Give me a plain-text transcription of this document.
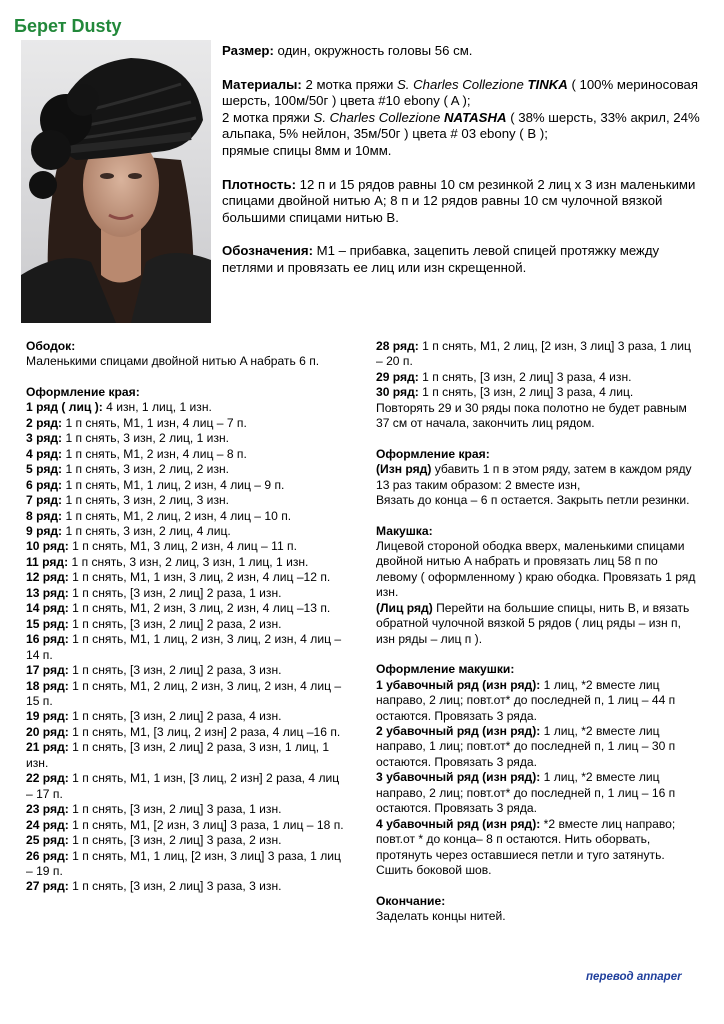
Берет Dusty

Размер: один, окружность головы 56 см.

Материалы: 2 мотка пряжи S. Charles Collezione TINKA ( 100% мериносовая шерсть, 100м/50г ) цвета #10 ebony ( A );
2 мотка пряжи S. Charles Collezione NATASHA ( 38% шерсть, 33% акрил, 24% альпака, 5% нейлон, 35м/50г ) цвета # 03 ebony ( B );
прямые спицы 8мм и 10мм.

Плотность: 12 п и 15 рядов равны 10 см резинкой 2 лиц х 3 изн маленькими спицами двойной нитью A; 8 п и 12 рядов равны 10 см чулочной вязкой большими спицами нитью B.

Обозначения: M1 – прибавка, зацепить левой спицей протяжку между петлями и провязать ее лиц или изн скрещенной.

Ободок:

Маленькими спицами двойной нитью A набрать 6 п.

Оформление края:

1 ряд ( лиц ): 4 изн, 1 лиц, 1 изн.

2 ряд: 1 п снять, M1, 1 изн, 4 лиц – 7 п.

3 ряд: 1 п снять, 3 изн, 2 лиц, 1 изн.

4 ряд: 1 п снять, M1, 2 изн, 4 лиц – 8 п.

5 ряд: 1 п снять, 3 изн, 2 лиц, 2 изн.

6 ряд: 1 п снять, M1, 1 лиц, 2 изн, 4 лиц – 9 п.

7 ряд: 1 п снять, 3 изн, 2 лиц, 3 изн.

8 ряд: 1 п снять, M1, 2 лиц, 2 изн, 4 лиц – 10 п.

9 ряд: 1 п снять, 3 изн, 2 лиц, 4 лиц.

10 ряд: 1 п снять, M1, 3 лиц, 2 изн, 4 лиц – 11 п.

11 ряд: 1 п снять, 3 изн, 2 лиц, 3 изн, 1 лиц, 1 изн.

12 ряд: 1 п снять, M1, 1 изн, 3 лиц, 2 изн, 4 лиц –12 п.

13 ряд: 1 п снять, [3 изн, 2 лиц] 2 раза, 1 изн.

14 ряд: 1 п снять, M1, 2 изн, 3 лиц, 2 изн, 4 лиц –13 п.

15 ряд: 1 п снять, [3 изн, 2 лиц] 2 раза, 2 изн.

16 ряд: 1 п снять, M1, 1 лиц, 2 изн, 3 лиц, 2 изн, 4 лиц – 14 п.

17 ряд: 1 п снять, [3 изн, 2 лиц] 2 раза, 3 изн.

18 ряд: 1 п снять, M1, 2 лиц, 2 изн, 3 лиц, 2 изн, 4 лиц – 15 п.

19 ряд: 1 п снять, [3 изн, 2 лиц] 2 раза, 4 изн.

20 ряд: 1 п снять, M1, [3 лиц, 2 изн] 2 раза, 4 лиц –16 п.

21 ряд: 1 п снять, [3 изн, 2 лиц] 2 раза, 3 изн, 1 лиц, 1 изн.

22 ряд: 1 п снять, M1, 1 изн, [3 лиц, 2 изн] 2 раза, 4 лиц – 17 п.

23 ряд: 1 п снять, [3 изн, 2 лиц] 3 раза, 1 изн.

24 ряд: 1 п снять, M1, [2 изн, 3 лиц] 3 раза, 1 лиц – 18 п.

25 ряд: 1 п снять, [3 изн, 2 лиц] 3 раза, 2 изн.

26 ряд: 1 п снять, M1, 1 лиц, [2 изн, 3 лиц] 3 раза, 1 лиц – 19 п.

27 ряд: 1 п снять, [3 изн, 2 лиц] 3 раза, 3 изн.

28 ряд: 1 п снять, M1, 2 лиц, [2 изн, 3 лиц] 3 раза, 1 лиц – 20 п.

29 ряд: 1 п снять, [3 изн, 2 лиц] 3 раза, 4 изн.

30 ряд: 1 п снять, [3 изн, 2 лиц] 3 раза, 4 лиц.

Повторять 29 и 30 ряды пока полотно не будет равным 37 см от начала, закончить лиц рядом.

Оформление края:

(Изн ряд) убавить 1 п в этом ряду, затем в каждом ряду 13 раз таким образом: 2 вместе изн,

Вязать до конца – 6 п остается. Закрыть петли резинки.

Макушка:

Лицевой стороной ободка вверх, маленькими спицами двойной нитью A набрать и провязать лиц 58 п по левому ( оформленному ) краю ободка. Провязать 1 ряд изн.

(Лиц ряд) Перейти на большие спицы, нить B, и вязать обратной чулочной вязкой 5 рядов ( лиц ряды – изн п, изн ряды – лиц п ).

Оформление макушки:

1 убавочный ряд (изн ряд): 1 лиц, *2 вместе лиц направо, 2 лиц; повт.от* до последней п, 1 лиц – 44 п остаются. Провязать 3 ряда.

2 убавочный ряд (изн ряд): 1 лиц, *2 вместе лиц направо, 1 лиц; повт.от* до последней п, 1 лиц – 30 п остаются. Провязать 3 ряда.

3 убавочный ряд (изн ряд): 1 лиц, *2 вместе лиц направо, 2 лиц; повт.от* до последней п, 1 лиц – 16 п остаются. Провязать 3 ряда.

4 убавочный ряд (изн ряд): *2 вместе лиц направо; повт.от * до конца– 8 п остаются. Нить оборвать, протянуть через оставшиеся петли и туго затянуть. Сшить боковой шов.

Окончание:

Заделать концы нитей.

перевод annaper
